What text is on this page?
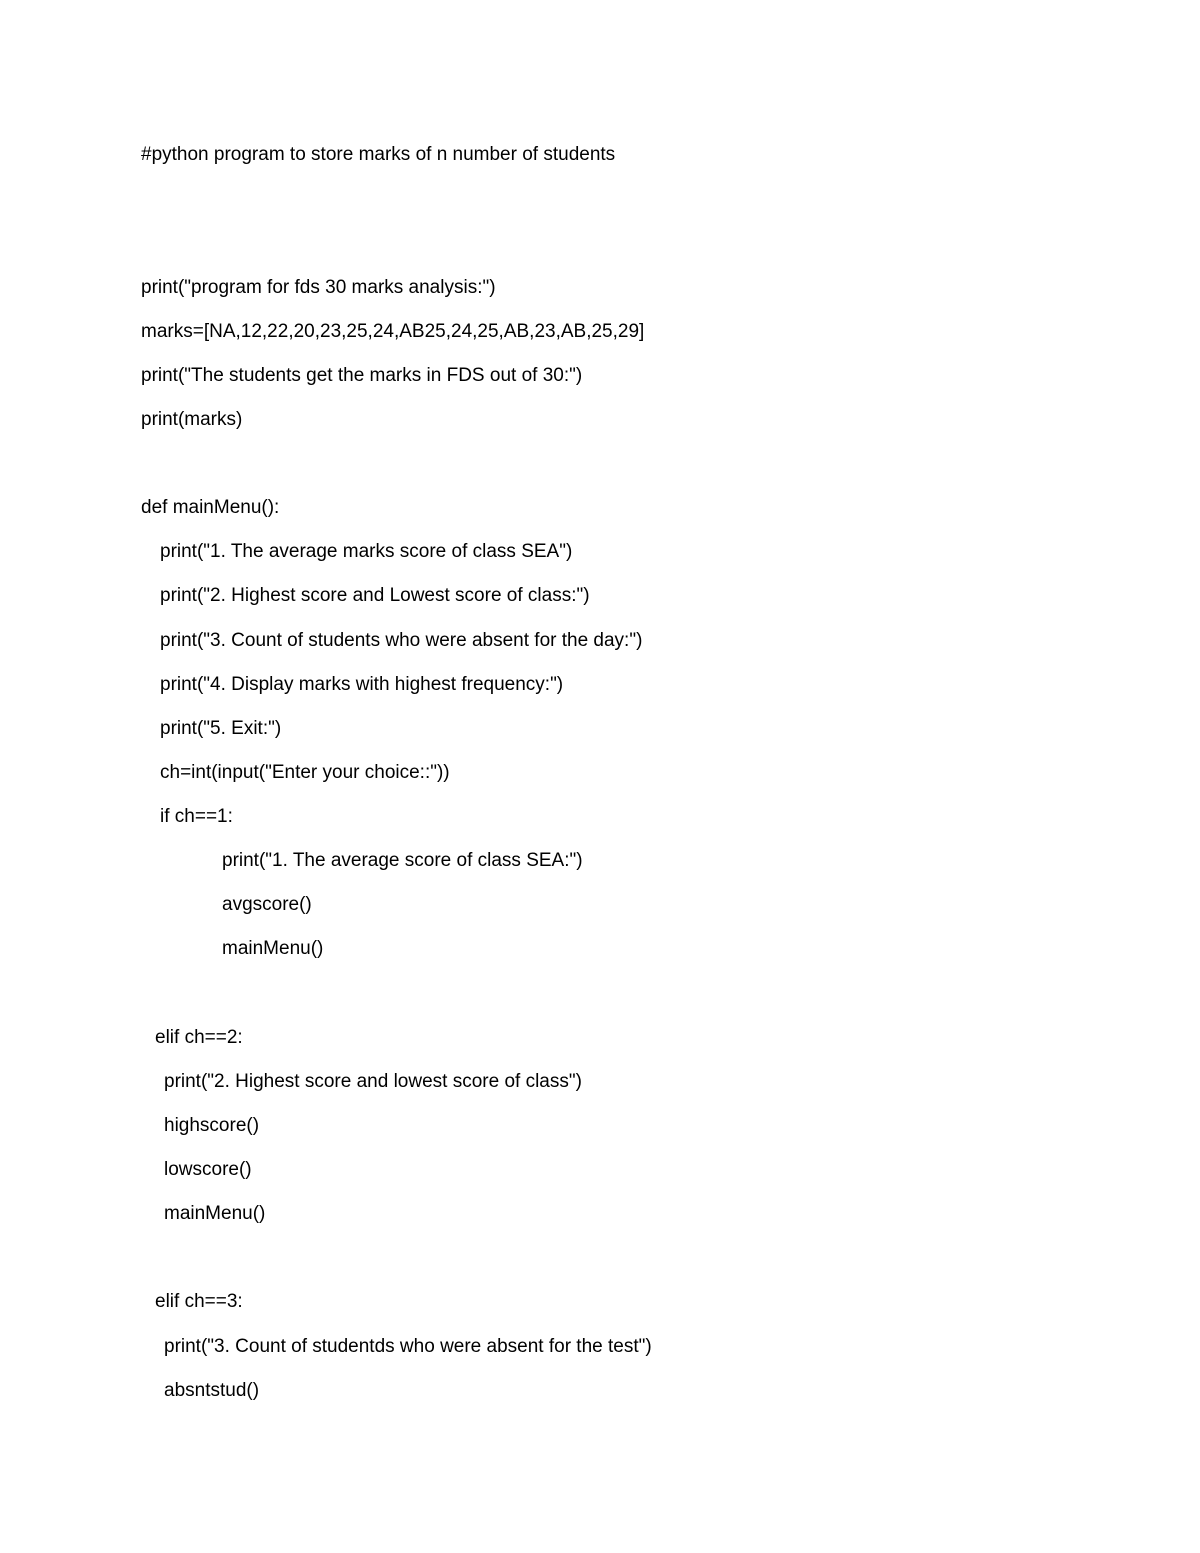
#python program to store marks of n number of students

print("program for fds 30 marks analysis:")

marks=[NA,12,22,20,23,25,24,AB25,24,25,AB,23,AB,25,29]

print("The students get the marks in FDS out of 30:")

print(marks)

def mainMenu():

print("1. The average marks score of class SEA")

print("2. Highest score and Lowest score of class:")

print("3. Count of students who were absent for the day:")

print("4. Display marks with highest frequency:")

print("5. Exit:")

ch=int(input("Enter your choice::"))

if ch==1:

print("1. The average score of class SEA:")

avgscore()

mainMenu()

elif ch==2:

print("2. Highest score and lowest score of class")

highscore()

lowscore()

mainMenu()

elif ch==3:

print("3. Count of studentds who were absent for the test")

absntstud()
